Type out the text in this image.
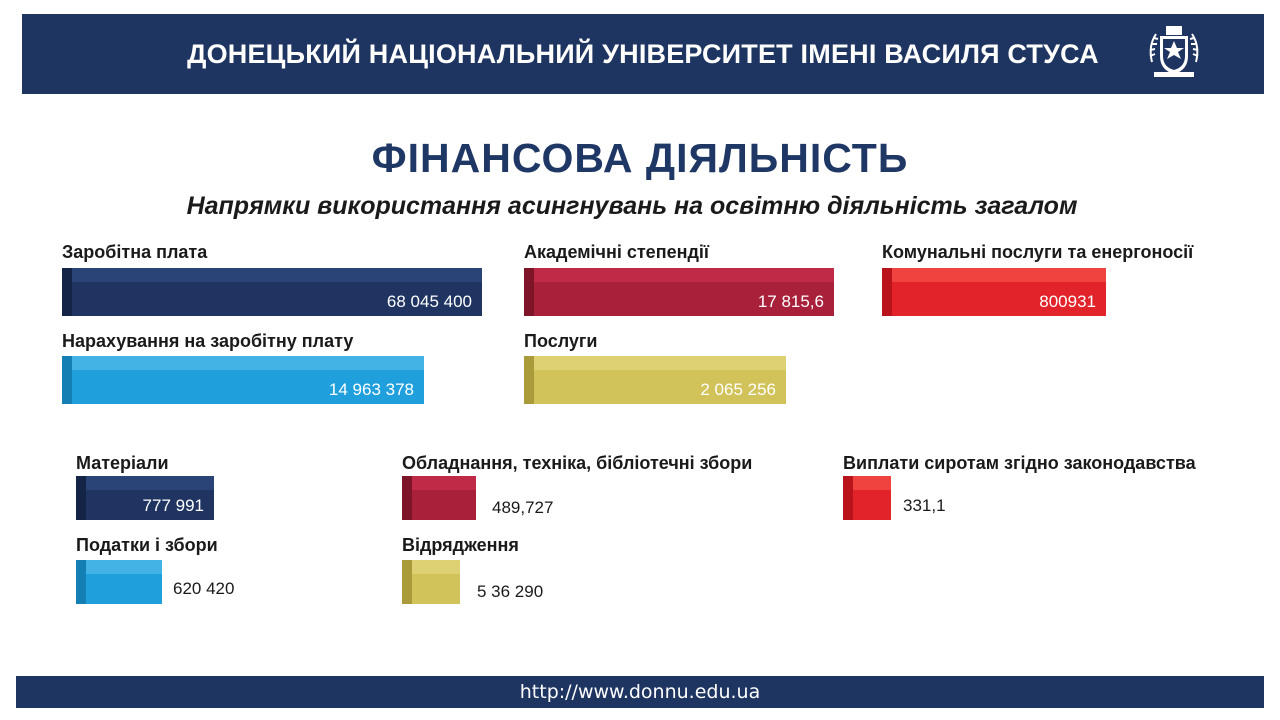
ДОНЕЦЬКИЙ НАЦІОНАЛЬНИЙ УНІВЕРСИТЕТ ІМЕНІ ВАСИЛЯ СТУСА
ФІНАНСОВА ДІЯЛЬНІСТЬ
Напрямки використання асингнувань на освітню діяльність загалом
Заробітна плата
68 045 400
Академічні степендії
17 815,6
Комунальні послуги та енергоносії
800931
Нарахування на заробітну плату
14 963 378
Послуги
2 065 256
Матеріали
777 991
Обладнання, техніка, бібліотечні збори
489,727
Виплати сиротам згідно законодавства
331,1
Податки і збори
620 420
Відрядження
5 36 290
http://www.donnu.edu.ua
